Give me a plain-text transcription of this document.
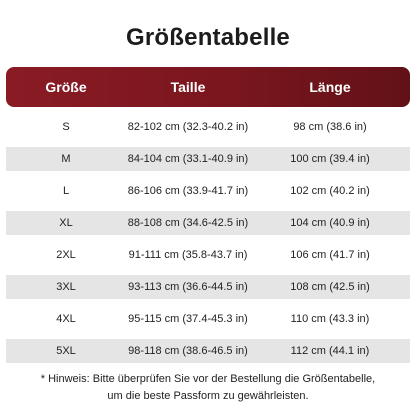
Größentabelle
Größe	Taille	Länge
S	82-102 cm (32.3-40.2 in)	98 cm (38.6 in)
M	84-104 cm (33.1-40.9 in)	100 cm (39.4 in)
L	86-106 cm (33.9-41.7 in)	102 cm (40.2 in)
XL	88-108 cm (34.6-42.5 in)	104 cm (40.9 in)
2XL	91-111 cm (35.8-43.7 in)	106 cm (41.7 in)
3XL	93-113 cm (36.6-44.5 in)	108 cm (42.5 in)
4XL	95-115 cm (37.4-45.3 in)	110 cm (43.3 in)
5XL	98-118 cm (38.6-46.5 in)	112 cm (44.1 in)
* Hinweis: Bitte überprüfen Sie vor der Bestellung die Größentabelle,
um die beste Passform zu gewährleisten.
